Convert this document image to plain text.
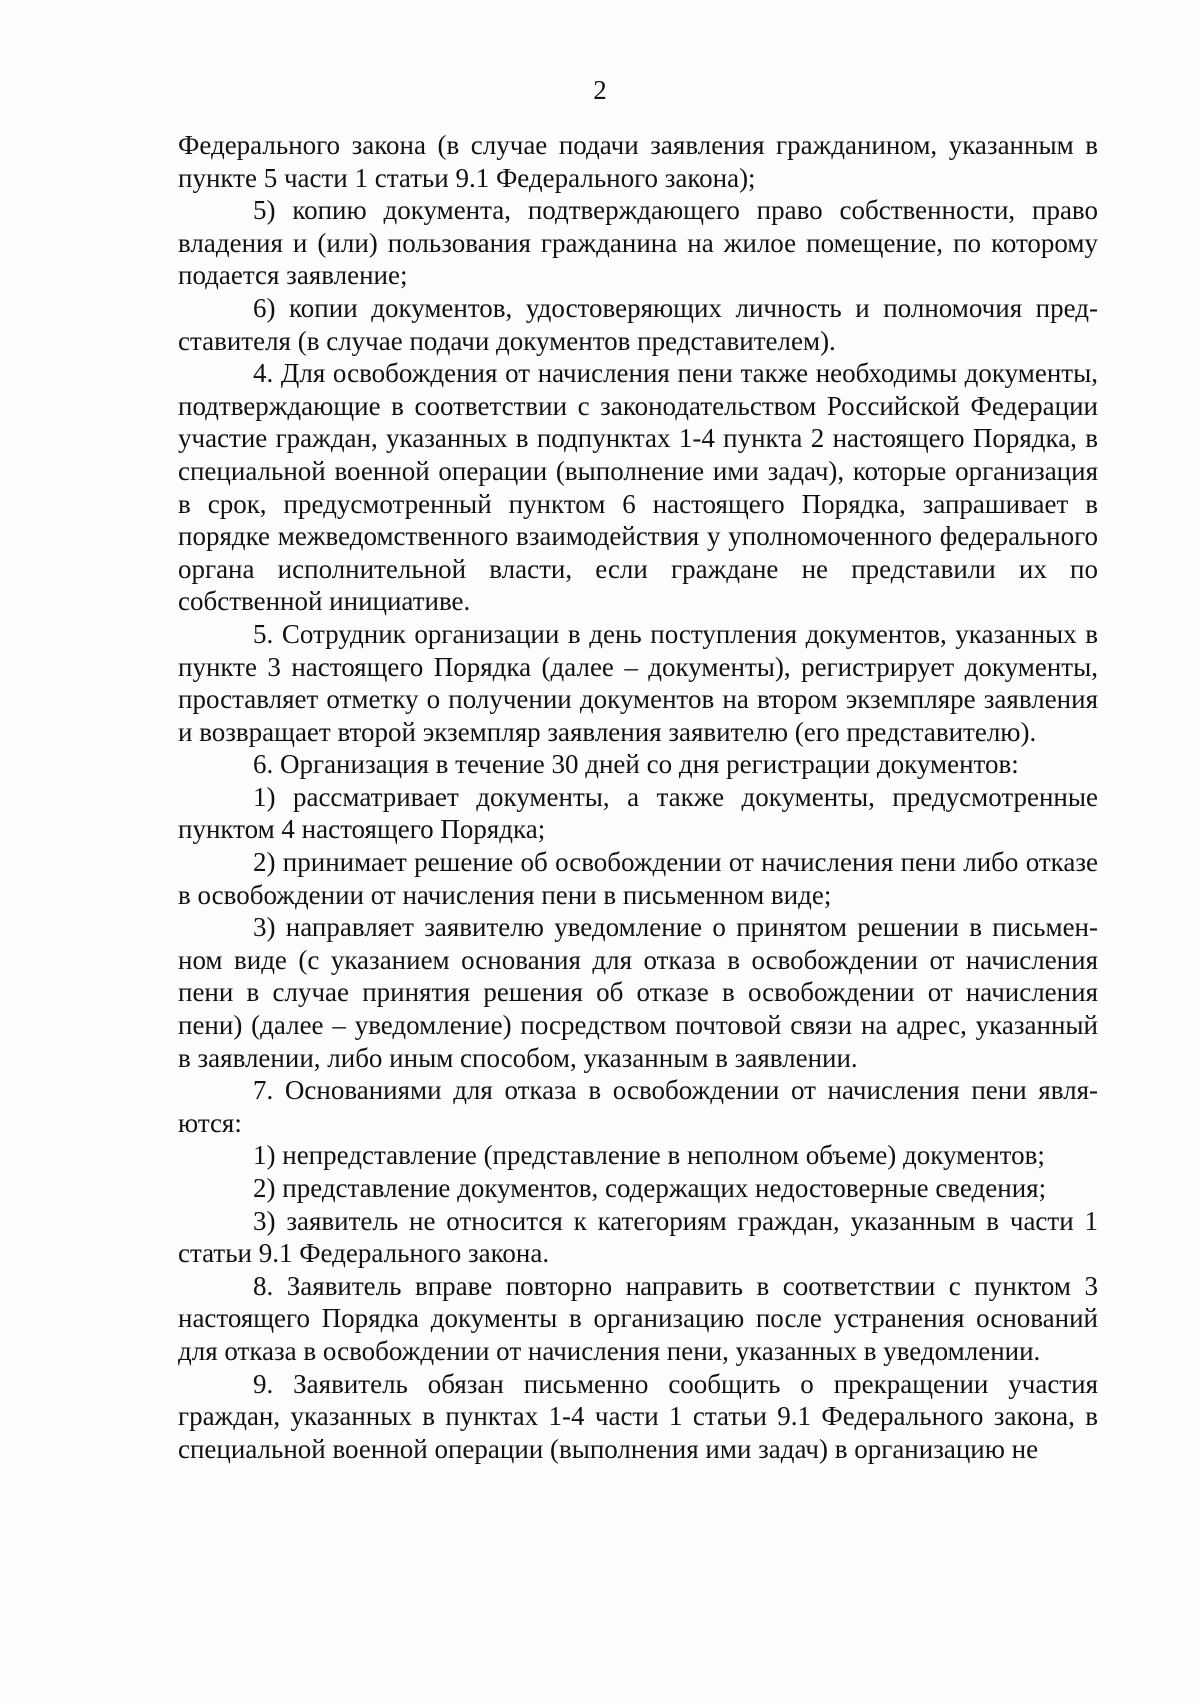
2

Федерального закона (в случае подачи заявления гражданином, указанным в пункте 5 части 1 статьи 9.1 Федерального закона);

5) копию документа, подтверждающего право собственности, право владения и (или) пользования гражданина на жилое помещение, по которому подается заявление;

6) копии документов, удостоверяющих личность и полномочия представителя (в случае подачи документов представителем).

4. Для освобождения от начисления пени также необходимы документы, подтверждающие в соответствии с законодательством Российской Федерации участие граждан, указанных в подпунктах 1-4 пункта 2 настоящего Порядка, в специальной военной операции (выполнение ими задач), которые организация в срок, предусмотренный пунктом 6 настоящего Порядка, запрашивает в порядке межведомственного взаимодействия у уполномоченного федерального органа исполнительной власти, если граждане не представили их по собственной инициативе.

5. Сотрудник организации в день поступления документов, указанных в пункте 3 настоящего Порядка (далее – документы), регистрирует документы, проставляет отметку о получении документов на втором экземпляре заявления и возвращает второй экземпляр заявления заявителю (его представителю).

6. Организация в течение 30 дней со дня регистрации документов:

1) рассматривает документы, а также документы, предусмотренные пунктом 4 настоящего Порядка;

2) принимает решение об освобождении от начисления пени либо отказе в освобождении от начисления пени в письменном виде;

3) направляет заявителю уведомление о принятом решении в письменном виде (с указанием основания для отказа в освобождении от начисления пени в случае принятия решения об отказе в освобождении от начисления пени) (далее – уведомление) посредством почтовой связи на адрес, указанный в заявлении, либо иным способом, указанным в заявлении.

7. Основаниями для отказа в освобождении от начисления пени являются:

1) непредставление (представление в неполном объеме) документов;

2) представление документов, содержащих недостоверные сведения;

3) заявитель не относится к категориям граждан, указанным в части 1 статьи 9.1 Федерального закона.

8. Заявитель вправе повторно направить в соответствии с пунктом 3 настоящего Порядка документы в организацию после устранения оснований для отказа в освобождении от начисления пени, указанных в уведомлении.

9. Заявитель обязан письменно сообщить о прекращении участия граждан, указанных в пунктах 1-4 части 1 статьи 9.1 Федерального закона, в специальной военной операции (выполнения ими задач) в организацию не
